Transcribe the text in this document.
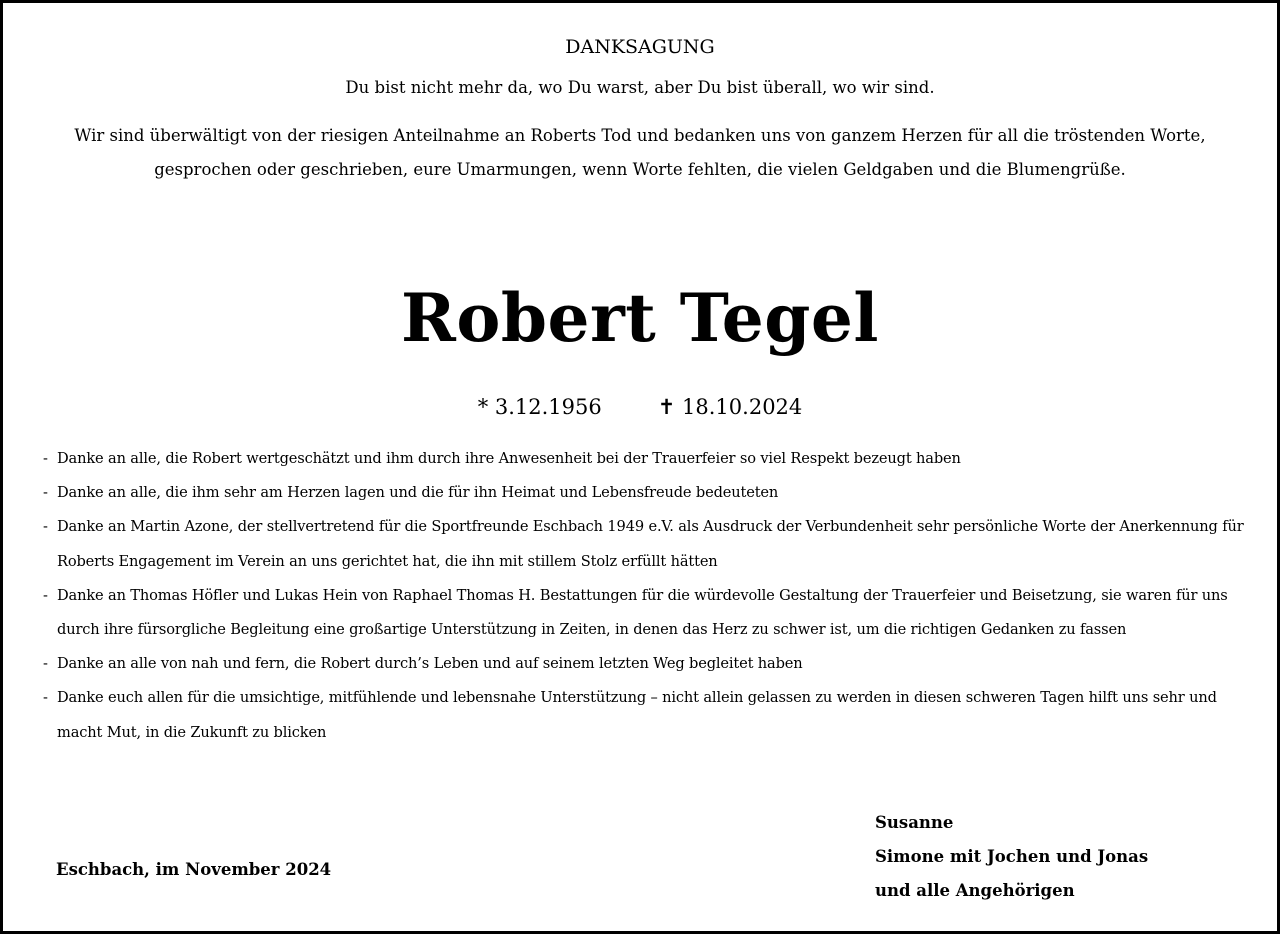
DANKSAGUNG
Du bist nicht mehr da, wo Du warst, aber Du bist überall, wo wir sind.
Wir sind überwältigt von der riesigen Anteilnahme an Roberts Tod und bedanken uns von ganzem Herzen für all die tröstenden Worte, gesprochen oder geschrieben, eure Umarmungen, wenn Worte fehlten, die vielen Geldgaben und die Blumengrüße.
Robert Tegel
* 3.12.1956	✝ 18.10.2024
- Danke an alle, die Robert wertgeschätzt und ihm durch ihre Anwesenheit bei der Trauerfeier so viel Respekt bezeugt haben
- Danke an alle, die ihm sehr am Herzen lagen und die für ihn Heimat und Lebensfreude bedeuteten
- Danke an Martin Azone, der stellvertretend für die Sportfreunde Eschbach 1949 e.V. als Ausdruck der Verbundenheit sehr persönliche Worte der Anerkennung für Roberts Engagement im Verein an uns gerichtet hat, die ihn mit stillem Stolz erfüllt hätten
- Danke an Thomas Höfler und Lukas Hein von Raphael Thomas H. Bestattungen für die würdevolle Gestaltung der Trauerfeier und Beisetzung, sie waren für uns durch ihre fürsorgliche Begleitung eine großartige Unterstützung in Zeiten, in denen das Herz zu schwer ist, um die richtigen Gedanken zu fassen
- Danke an alle von nah und fern, die Robert durch’s Leben und auf seinem letzten Weg begleitet haben
- Danke euch allen für die umsichtige, mitfühlende und lebensnahe Unterstützung – nicht allein gelassen zu werden in diesen schweren Tagen hilft uns sehr und macht Mut, in die Zukunft zu blicken
Eschbach, im November 2024
Susanne
Simone mit Jochen und Jonas
und alle Angehörigen
